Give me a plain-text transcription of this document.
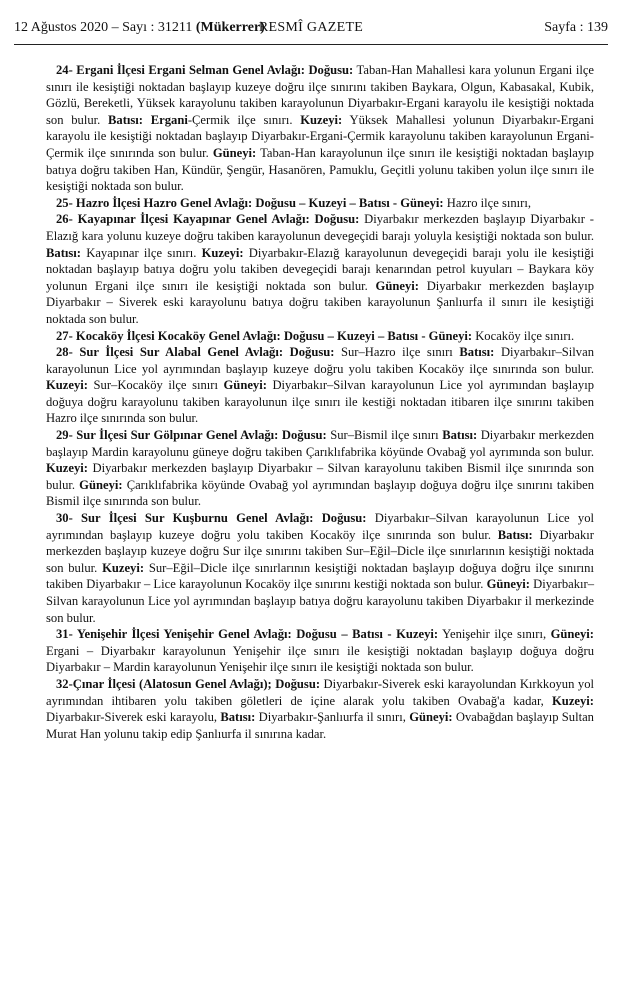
12 Ağustos 2020 – Sayı : 31211 (Mükerrer)
RESMÎ GAZETE	Sayfa : 139

24- Ergani İlçesi Ergani Selman Genel Avlağı: Doğusu: Taban-Han Mahallesi kara yolunun Ergani ilçe sınırı ile kesiştiği noktadan başlayıp kuzeye doğru ilçe sınırını takiben Baykara, Olgun, Kabasakal, Kubik, Gözlü, Bereketli, Yüksek karayolunu takiben karayolunun Diyarbakır-Ergani karayolu ile kesiştiği noktada son bulur. Batısı: Ergani-Çermik ilçe sınırı. Kuzeyi: Yüksek Mahallesi yolunun Diyarbakır-Ergani karayolu ile kesiştiği noktadan başlayıp Diyarbakır-Ergani-Çermik karayolunu takiben karayolunun Ergani-Çermik ilçe sınırında son bulur. Güneyi: Taban-Han karayolunun ilçe sınırı ile kesiştiği noktadan başlayıp batıya doğru takiben Han, Kündür, Şengür, Hasanören, Pamuklu, Geçitli yolunu takiben yolun ilçe sınırı ile kesiştiği noktada son bulur.

25- Hazro İlçesi Hazro Genel Avlağı: Doğusu – Kuzeyi – Batısı - Güneyi: Hazro ilçe sınırı,

26- Kayapınar İlçesi Kayapınar Genel Avlağı: Doğusu: Diyarbakır merkezden başlayıp Diyarbakır - Elazığ kara yolunu kuzeye doğru takiben karayolunun devegeçidi barajı yoluyla kesiştiği noktada son bulur. Batısı: Kayapınar ilçe sınırı. Kuzeyi: Diyarbakır-Elazığ karayolunun devegeçidi barajı yolu ile kesiştiği noktadan başlayıp batıya doğru yolu takiben devegeçidi barajı kenarından petrol kuyuları – Baykara köy yolunun Ergani ilçe sınırı ile kesiştiği noktada son bulur. Güneyi: Diyarbakır merkezden başlayıp Diyarbakır – Siverek eski karayolunu batıya doğru takiben karayolunun Şanlıurfa il sınırı ile kesiştiği noktada son bulur.

27- Kocaköy İlçesi Kocaköy Genel Avlağı: Doğusu – Kuzeyi – Batısı - Güneyi: Kocaköy ilçe sınırı.

28- Sur İlçesi Sur Alabal Genel Avlağı: Doğusu: Sur–Hazro ilçe sınırı Batısı: Diyarbakır–Silvan karayolunun Lice yol ayrımından başlayıp kuzeye doğru yolu takiben Kocaköy ilçe sınırında son bulur. Kuzeyi: Sur–Kocaköy ilçe sınırı Güneyi: Diyarbakır–Silvan karayolunun Lice yol ayrımından başlayıp doğuya doğru karayolunu takiben karayolunun ilçe sınırı ile kestiği noktadan itibaren ilçe sınırını takiben Hazro ilçe sınırında son bulur.

29- Sur İlçesi Sur Gölpınar Genel Avlağı: Doğusu: Sur–Bismil ilçe sınırı Batısı: Diyarbakır merkezden başlayıp Mardin karayolunu güneye doğru takiben Çarıklıfabrika köyünde Ovabağ yol ayrımında son bulur. Kuzeyi: Diyarbakır merkezden başlayıp Diyarbakır – Silvan karayolunu takiben Bismil ilçe sınırında son bulur. Güneyi: Çarıklıfabrika köyünde Ovabağ yol ayrımından başlayıp doğuya doğru ilçe sınırını takiben Bismil ilçe sınırında son bulur.

30- Sur İlçesi Sur Kuşburnu Genel Avlağı: Doğusu: Diyarbakır–Silvan karayolunun Lice yol ayrımından başlayıp kuzeye doğru yolu takiben Kocaköy ilçe sınırında son bulur. Batısı: Diyarbakır merkezden başlayıp kuzeye doğru Sur ilçe sınırını takiben Sur–Eğil–Dicle ilçe sınırlarının kesiştiği noktada son bulur. Kuzeyi: Sur–Eğil–Dicle ilçe sınırlarının kesiştiği noktadan başlayıp doğuya doğru ilçe sınırını takiben Diyarbakır – Lice karayolunun Kocaköy ilçe sınırını kestiği noktada son bulur. Güneyi: Diyarbakır–Silvan karayolunun Lice yol ayrımından başlayıp batıya doğru karayolunu takiben Diyarbakır il merkezinde son bulur.

31- Yenişehir İlçesi Yenişehir Genel Avlağı: Doğusu – Batısı - Kuzeyi: Yenişehir ilçe sınırı, Güneyi: Ergani – Diyarbakır karayolunun Yenişehir ilçe sınırı ile kesiştiği noktadan başlayıp doğuya doğru Diyarbakır – Mardin karayolunun Yenişehir ilçe sınırı ile kesiştiği noktada son bulur.

32-Çınar İlçesi (Alatosun Genel Avlağı); Doğusu: Diyarbakır-Siverek eski karayolundan Kırkkoyun yol ayrımından ihtibaren yolu takiben göletleri de içine alarak yolu takiben Ovabağ'a kadar, Kuzeyi: Diyarbakır-Siverek eski karayolu, Batısı: Diyarbakır-Şanlıurfa il sınırı, Güneyi: Ovabağdan başlayıp Sultan Murat Han yolunu takip edip Şanlıurfa il sınırına kadar.
